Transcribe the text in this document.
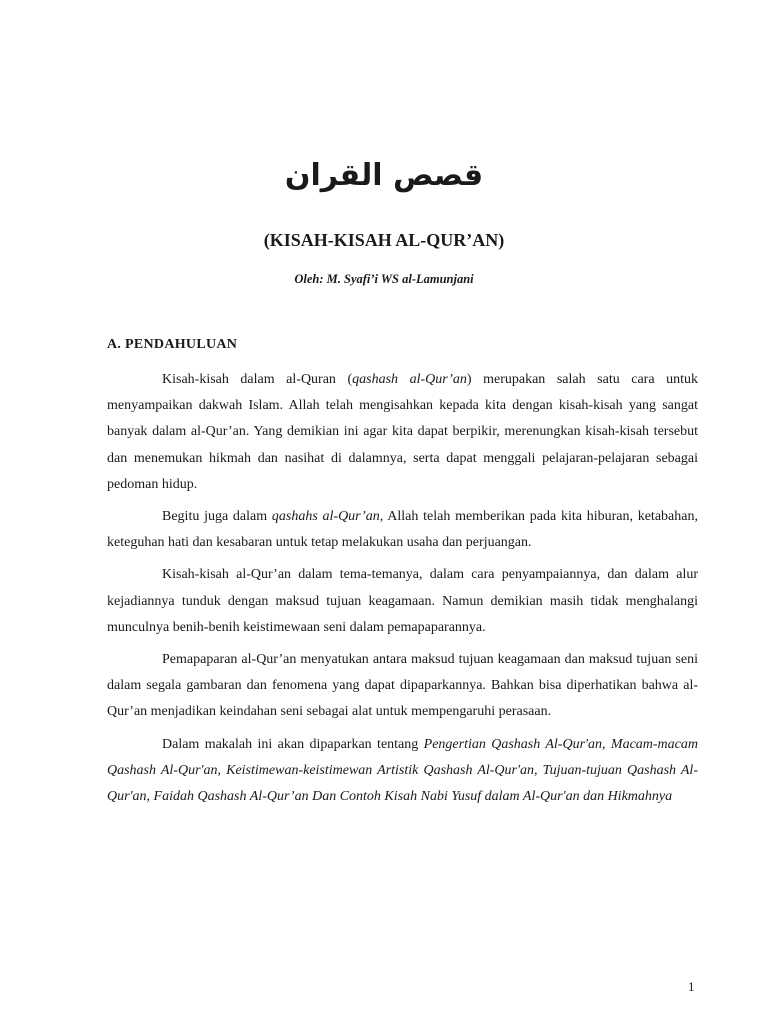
قصص القران
(KISAH-KISAH AL-QUR’AN)
Oleh: M. Syafi’i WS al-Lamunjani
A. PENDAHULUAN

Kisah-kisah dalam al-Quran (qashash al-Qur’an) merupakan salah satu cara untuk menyampaikan dakwah Islam. Allah telah mengisahkan kepada kita dengan kisah-kisah yang sangat banyak dalam al-Qur’an. Yang demikian ini agar kita dapat berpikir, merenungkan kisah-kisah tersebut dan menemukan hikmah dan nasihat di dalamnya, serta dapat menggali pelajaran-pelajaran sebagai pedoman hidup.

Begitu juga dalam qashahs al-Qur’an, Allah telah memberikan pada kita hiburan, ketabahan, keteguhan hati dan kesabaran untuk tetap melakukan usaha dan perjuangan.

Kisah-kisah al-Qur’an dalam tema-temanya, dalam cara penyampaiannya, dan dalam alur kejadiannya tunduk dengan maksud tujuan keagamaan. Namun demikian masih tidak menghalangi munculnya benih-benih keistimewaan seni dalam pemapaparannya.

Pemapaparan al-Qur’an menyatukan antara maksud tujuan keagamaan dan maksud tujuan seni dalam segala gambaran dan fenomena yang dapat dipaparkannya. Bahkan bisa diperhatikan bahwa al-Qur’an menjadikan keindahan seni sebagai alat untuk mempengaruhi perasaan.

Dalam makalah ini akan dipaparkan tentang Pengertian Qashash Al-Qur'an, Macam-macam Qashash Al-Qur'an, Keistimewan-keistimewan Artistik Qashash Al-Qur'an, Tujuan-tujuan Qashash Al-Qur'an, Faidah Qashash Al-Qur’an Dan Contoh Kisah Nabi Yusuf dalam Al-Qur'an dan Hikmahnya

1
